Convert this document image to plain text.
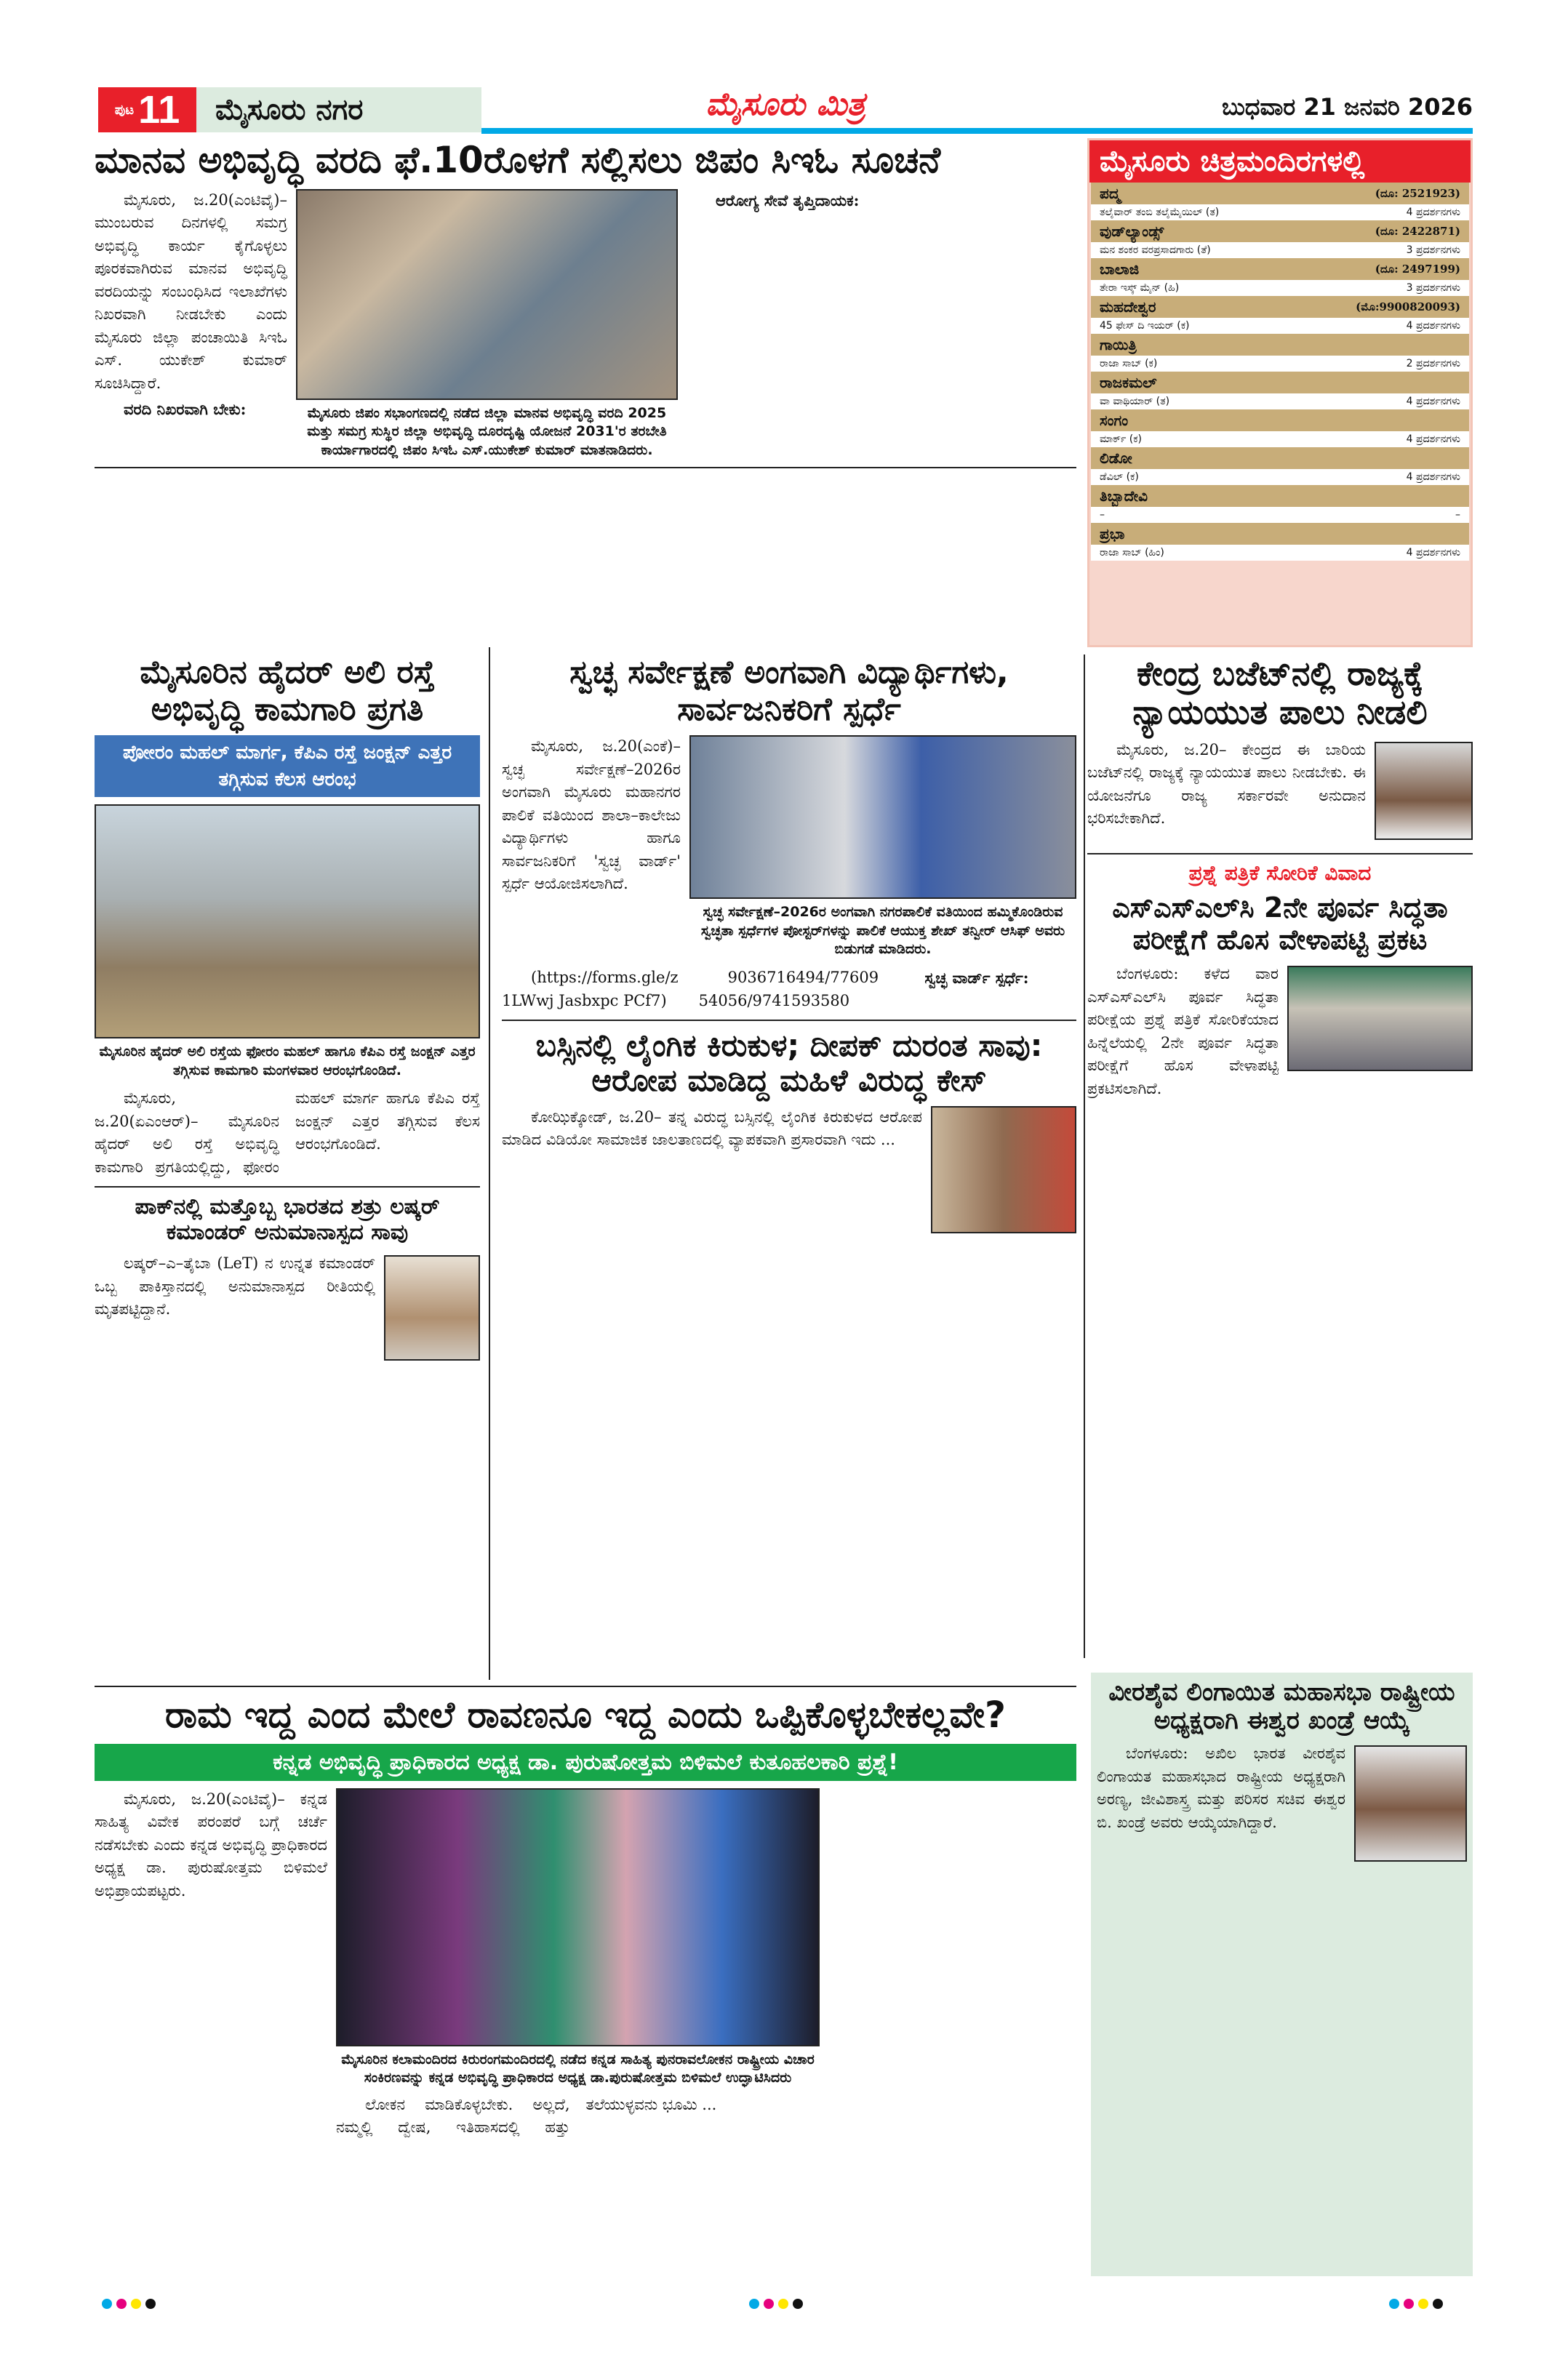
ಪುಟ 11	ಮೈಸೂರು ನಗರ	ಮೈಸೂರು ಮಿತ್ರ	ಬುಧವಾರ 21 ಜನವರಿ 2026
ಮಾನವ ಅಭಿವೃದ್ಧಿ ವರದಿ ಫೆ.10ರೊಳಗೆ ಸಲ್ಲಿಸಲು ಜಿಪಂ ಸಿಇಓ ಸೂಚನೆ

ಮೈಸೂರು, ಜ.20(ಎಂಟಿವೈ)– ಮುಂಬರುವ ದಿನಗಳಲ್ಲಿ ಸಮಗ್ರ ಅಭಿವೃದ್ಧಿ ಕಾರ್ಯ ಕೈಗೊಳ್ಳಲು ಪೂರಕವಾಗಿರುವ ಮಾನವ ಅಭಿವೃದ್ಧಿ ವರದಿಯನ್ನು ಸಂಬಂಧಿಸಿದ ಇಲಾಖೆಗಳು ನಿಖರವಾಗಿ ನೀಡಬೇಕು ಎಂದು ಮೈಸೂರು ಜಿಲ್ಲಾ ಪಂಚಾಯಿತಿ ಸಿಇಓ ಎಸ್. ಯುಕೇಶ್ ಕುಮಾರ್ ಸೂಚಿಸಿದ್ದಾರೆ.

ವರದಿ ನಿಖರವಾಗಿ ಬೇಕು:	ಮೈಸೂರು ಜಿಪಂ ಸಭಾಂಗಣದಲ್ಲಿ ನಡೆದ ಜಿಲ್ಲಾ ಮಾನವ ಅಭಿವೃದ್ಧಿ ವರದಿ 2025 ಮತ್ತು ಸಮಗ್ರ ಸುಸ್ಥಿರ ಜಿಲ್ಲಾ ಅಭಿವೃದ್ಧಿ ದೂರದೃಷ್ಟಿ ಯೋಜನೆ 2031'ರ ತರಬೇತಿ ಕಾರ್ಯಾಗಾರದಲ್ಲಿ ಜಿಪಂ ಸಿಇಓ ಎಸ್.ಯುಕೇಶ್ ಕುಮಾರ್ ಮಾತನಾಡಿದರು.

ಆರೋಗ್ಯ ಸೇವೆ ತೃಪ್ತಿದಾಯಕ:

ಮೈಸೂರಿನ ಹೈದರ್ ಅಲಿ ರಸ್ತೆ ಅಭಿವೃದ್ಧಿ ಕಾಮಗಾರಿ ಪ್ರಗತಿ
ಪೋೕರಂ ಮಹಲ್ ಮಾರ್ಗ, ಕೆಪಿಎ ರಸ್ತೆ ಜಂಕ್ಷನ್ ಎತ್ತರ ತಗ್ಗಿಸುವ ಕೆಲಸ ಆರಂಭ
ಮೈಸೂರಿನ ಹೈದರ್ ಅಲಿ ರಸ್ತೆಯ ಫೋರಂ ಮಹಲ್ ಹಾಗೂ ಕೆಪಿಎ ರಸ್ತೆ ಜಂಕ್ಷನ್ ಎತ್ತರ ತಗ್ಗಿಸುವ ಕಾಮಗಾರಿ ಮಂಗಳವಾರ ಆರಂಭಗೊಂಡಿದೆ.

ಮೈಸೂರು, ಜ.20(ಏಎಂಆರ್)– ಮೈಸೂರಿನ ಹೈದರ್ ಅಲಿ ರಸ್ತೆ ಅಭಿವೃದ್ಧಿ ಕಾಮಗಾರಿ ಪ್ರಗತಿಯಲ್ಲಿದ್ದು, ಫೋರಂ ಮಹಲ್ ಮಾರ್ಗ ಹಾಗೂ ಕೆಪಿಎ ರಸ್ತೆ ಜಂಕ್ಷನ್ ಎತ್ತರ ತಗ್ಗಿಸುವ ಕೆಲಸ ಆರಂಭಗೊಂಡಿದೆ.

ಪಾಕ್‌ನಲ್ಲಿ ಮತ್ತೊಬ್ಬ ಭಾರತದ ಶತ್ರು ಲಷ್ಕರ್ ಕಮಾಂಡರ್ ಅನುಮಾನಾಸ್ಪದ ಸಾವು

ಲಷ್ಕರ್–ಎ–ತೈಬಾ (LeT) ನ ಉನ್ನತ ಕಮಾಂಡರ್ ಒಬ್ಬ ಪಾಕಿಸ್ತಾನದಲ್ಲಿ ಅನುಮಾನಾಸ್ಪದ ರೀತಿಯಲ್ಲಿ ಮೃತಪಟ್ಟಿದ್ದಾನೆ.

ಸ್ವಚ್ಛ ಸರ್ವೇಕ್ಷಣೆ ಅಂಗವಾಗಿ ವಿದ್ಯಾರ್ಥಿಗಳು, ಸಾರ್ವಜನಿಕರಿಗೆ ಸ್ಪರ್ಧೆ

ಮೈಸೂರು, ಜ.20(ಎಂಕೆ)– ಸ್ವಚ್ಛ ಸರ್ವೇಕ್ಷಣೆ–2026ರ ಅಂಗವಾಗಿ ಮೈಸೂರು ಮಹಾನಗರ ಪಾಲಿಕೆ ವತಿಯಿಂದ ಶಾಲಾ–ಕಾಲೇಜು ವಿದ್ಯಾರ್ಥಿಗಳು ಹಾಗೂ ಸಾರ್ವಜನಿಕರಿಗೆ 'ಸ್ವಚ್ಛ ವಾರ್ಡ್' ಸ್ಪರ್ಧೆ ಆಯೋಜಿಸಲಾಗಿದೆ.

ಸ್ವಚ್ಛ ಸರ್ವೇಕ್ಷಣೆ–2026ರ ಅಂಗವಾಗಿ ನಗರಪಾಲಿಕೆ ವತಿಯಿಂದ ಹಮ್ಮಿಕೊಂಡಿರುವ ಸ್ವಚ್ಛತಾ ಸ್ಪರ್ಧೆಗಳ ಪೋಸ್ಟರ್‌ಗಳನ್ನು ಪಾಲಿಕೆ ಆಯುಕ್ತ ಶೇಖ್ ತನ್ವೀರ್ ಆಸಿಫ್ ಅವರು ಬಿಡುಗಡೆ ಮಾಡಿದರು.

(https://forms.gle/z1LWwj Jasbxpc PCf7)

9036716494/7760954056/9741593580

ಸ್ವಚ್ಛ ವಾರ್ಡ್ ಸ್ಪರ್ಧೆ:

ಬಸ್ಸಿನಲ್ಲಿ ಲೈಂಗಿಕ ಕಿರುಕುಳ; ದೀಪಕ್ ದುರಂತ ಸಾವು: ಆರೋಪ ಮಾಡಿದ್ದ ಮಹಿಳೆ ವಿರುದ್ಧ ಕೇಸ್

ಕೋಝಿಕ್ಕೋಡ್, ಜ.20– ತನ್ನ ವಿರುದ್ಧ ಬಸ್ಸಿನಲ್ಲಿ ಲೈಂಗಿಕ ಕಿರುಕುಳದ ಆರೋಪ ಮಾಡಿದ ವಿಡಿಯೋ ಸಾಮಾಜಿಕ ಜಾಲತಾಣದಲ್ಲಿ ವ್ಯಾಪಕವಾಗಿ ಪ್ರಸಾರವಾಗಿ ಇದು ...

ಮೈಸೂರು ಚಿತ್ರಮಂದಿರಗಳಲ್ಲಿ
ಪದ್ಮ	(ದೂ: 2521923)
ತಲೈವಾರ್ ತಂಬಿ ತಲೈಮೈಯಿಲ್ (ತ)	4 ಪ್ರದರ್ಶನಗಳು
ವುಡ್‌ಲ್ಯಾಂಡ್ಸ್	(ದೂ: 2422871)
ಮನ ಶಂಕರ ವರಪ್ರಸಾದಗಾರು (ತೆ)	3 ಪ್ರದರ್ಶನಗಳು
ಬಾಲಾಜಿ	(ದೂ: 2497199)
ತೇರಾ ಇಸ್ಕ್ ಮೈನ್ (ಹಿ)	3 ಪ್ರದರ್ಶನಗಳು
ಮಹದೇಶ್ವರ	(ಮೊ:9900820093)
45 ಫೇಸ್ ದಿ ಇಯರ್ (ಕ)	4 ಪ್ರದರ್ಶನಗಳು
ಗಾಯಿತ್ರಿ
ರಾಜಾ ಸಾಬ್ (ಕ)	2 ಪ್ರದರ್ಶನಗಳು
ರಾಜಕಮಲ್
ವಾ ವಾಥಿಯಾರ್ (ತ)	4 ಪ್ರದರ್ಶನಗಳು
ಸಂಗಂ
ಮಾರ್ಕ್ (ಕ)	4 ಪ್ರದರ್ಶನಗಳು
ಲಿಡೋ
ಡೆವಿಲ್ (ಕ)	4 ಪ್ರದರ್ಶನಗಳು
ತಿಬ್ಬಾದೇವಿ
–	–
ಪ್ರಭಾ
ರಾಜಾ ಸಾಬ್ (ಹಿಂ)	4 ಪ್ರದರ್ಶನಗಳು
ಕೇಂದ್ರ ಬಜೆಟ್‌ನಲ್ಲಿ ರಾಜ್ಯಕ್ಕೆ ನ್ಯಾಯಯುತ ಪಾಲು ನೀಡಲಿ

ಮೈಸೂರು, ಜ.20– ಕೇಂದ್ರದ ಈ ಬಾರಿಯ ಬಜೆಟ್‌ನಲ್ಲಿ ರಾಜ್ಯಕ್ಕೆ ನ್ಯಾಯಯುತ ಪಾಲು ನೀಡಬೇಕು. ಈ ಯೋಜನೆಗೂ ರಾಜ್ಯ ಸರ್ಕಾರವೇ ಅನುದಾನ ಭರಿಸಬೇಕಾಗಿದೆ.

ಪ್ರಶ್ನೆ ಪತ್ರಿಕೆ ಸೋರಿಕೆ ವಿವಾದ
ಎಸ್‌ಎಸ್‌ಎಲ್‌ಸಿ 2ನೇ ಪೂರ್ವ ಸಿದ್ಧತಾ ಪರೀಕ್ಷೆಗೆ ಹೊಸ ವೇಳಾಪಟ್ಟಿ ಪ್ರಕಟ

ಬೆಂಗಳೂರು: ಕಳೆದ ವಾರ ಎಸ್‌ಎಸ್‌ಎಲ್‌ಸಿ ಪೂರ್ವ ಸಿದ್ಧತಾ ಪರೀಕ್ಷೆಯ ಪ್ರಶ್ನೆ ಪತ್ರಿಕೆ ಸೋರಿಕೆಯಾದ ಹಿನ್ನೆಲೆಯಲ್ಲಿ 2ನೇ ಪೂರ್ವ ಸಿದ್ಧತಾ ಪರೀಕ್ಷೆಗೆ ಹೊಸ ವೇಳಾಪಟ್ಟಿ ಪ್ರಕಟಿಸಲಾಗಿದೆ.

ರಾಮ ಇದ್ದ ಎಂದ ಮೇಲೆ ರಾವಣನೂ ಇದ್ದ ಎಂದು ಒಪ್ಪಿಕೊಳ್ಳಬೇಕಲ್ಲವೇ?
ಕನ್ನಡ ಅಭಿವೃದ್ಧಿ ಪ್ರಾಧಿಕಾರದ ಅಧ್ಯಕ್ಷ ಡಾ. ಪುರುಷೋತ್ತಮ ಬಿಳಿಮಲೆ ಕುತೂಹಲಕಾರಿ ಪ್ರಶ್ನೆ!

ಮೈಸೂರು, ಜ.20(ಎಂಟಿವೈ)– ಕನ್ನಡ ಸಾಹಿತ್ಯ ವಿವೇಕ ಪರಂಪರೆ ಬಗ್ಗೆ ಚರ್ಚೆ ನಡೆಸಬೇಕು ಎಂದು ಕನ್ನಡ ಅಭಿವೃದ್ಧಿ ಪ್ರಾಧಿಕಾರದ ಅಧ್ಯಕ್ಷ ಡಾ. ಪುರುಷೋತ್ತಮ ಬಿಳಿಮಲೆ ಅಭಿಪ್ರಾಯಪಟ್ಟರು.

ಮೈಸೂರಿನ ಕಲಾಮಂದಿರದ ಕಿರುರಂಗಮಂದಿರದಲ್ಲಿ ನಡೆದ ಕನ್ನಡ ಸಾಹಿತ್ಯ ಪುನರಾವಲೋಕನ ರಾಷ್ಟ್ರೀಯ ವಿಚಾರ ಸಂಕಿರಣವನ್ನು ಕನ್ನಡ ಅಭಿವೃದ್ಧಿ ಪ್ರಾಧಿಕಾರದ ಅಧ್ಯಕ್ಷ ಡಾ.ಪುರುಷೋತ್ತಮ ಬಿಳಿಮಲೆ ಉದ್ಘಾಟಿಸಿದರು

ಲೋಕನ ಮಾಡಿಕೊಳ್ಳಬೇಕು. ಅಲ್ಲದೆ, ನಮ್ಮಲ್ಲಿ ದ್ವೇಷ, ಇತಿಹಾಸದಲ್ಲಿ ಹತ್ತು ತಲೆಯುಳ್ಳವನು ಭೂಮಿ ...

ವೀರಶೈವ ಲಿಂಗಾಯಿತ ಮಹಾಸಭಾ ರಾಷ್ಟ್ರೀಯ ಅಧ್ಯಕ್ಷರಾಗಿ ಈಶ್ವರ ಖಂಡ್ರೆ ಆಯ್ಕೆ

ಬೆಂಗಳೂರು: ಅಖಿಲ ಭಾರತ ವೀರಶೈವ ಲಿಂಗಾಯತ ಮಹಾಸಭಾದ ರಾಷ್ಟ್ರೀಯ ಅಧ್ಯಕ್ಷರಾಗಿ ಅರಣ್ಯ, ಜೀವಿಶಾಸ್ತ್ರ ಮತ್ತು ಪರಿಸರ ಸಚಿವ ಈಶ್ವರ ಬಿ. ಖಂಡ್ರೆ ಅವರು ಆಯ್ಕೆಯಾಗಿದ್ದಾರೆ.
